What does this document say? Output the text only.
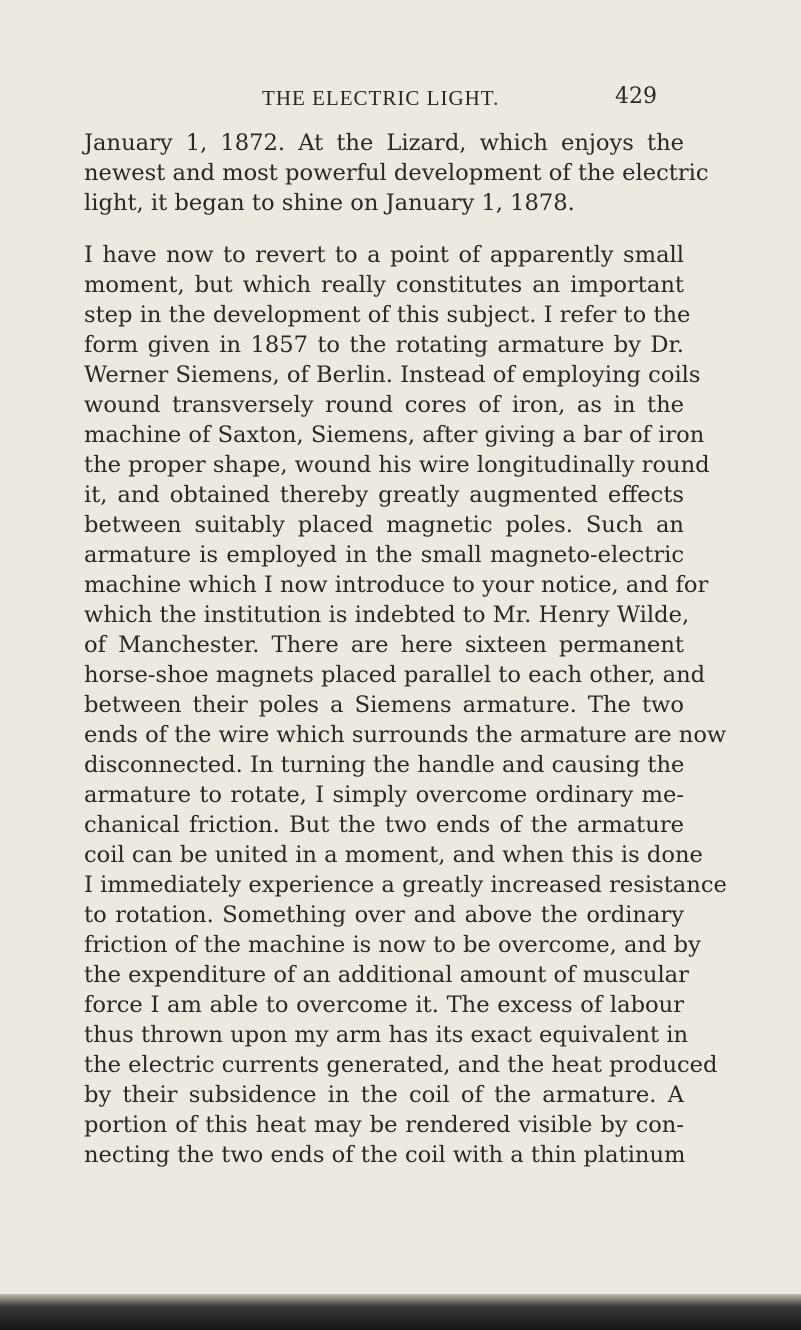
THE ELECTRIC LIGHT.	429
January 1, 1872. At the Lizard, which enjoys the
newest and most powerful development of the electric
light, it began to shine on January 1, 1878.
I have now to revert to a point of apparently small
moment, but which really constitutes an important
step in the development of this subject. I refer to the
form given in 1857 to the rotating armature by Dr.
Werner Siemens, of Berlin. Instead of employing coils
wound transversely round cores of iron, as in the
machine of Saxton, Siemens, after giving a bar of iron
the proper shape, wound his wire longitudinally round
it, and obtained thereby greatly augmented effects
between suitably placed magnetic poles. Such an
armature is employed in the small magneto-electric
machine which I now introduce to your notice, and for
which the institution is indebted to Mr. Henry Wilde,
of Manchester. There are here sixteen permanent
horse-shoe magnets placed parallel to each other, and
between their poles a Siemens armature. The two
ends of the wire which surrounds the armature are now
disconnected. In turning the handle and causing the
armature to rotate, I simply overcome ordinary me-
chanical friction. But the two ends of the armature
coil can be united in a moment, and when this is done
I immediately experience a greatly increased resistance
to rotation. Something over and above the ordinary
friction of the machine is now to be overcome, and by
the expenditure of an additional amount of muscular
force I am able to overcome it. The excess of labour
thus thrown upon my arm has its exact equivalent in
the electric currents generated, and the heat produced
by their subsidence in the coil of the armature. A
portion of this heat may be rendered visible by con-
necting the two ends of the coil with a thin platinum
